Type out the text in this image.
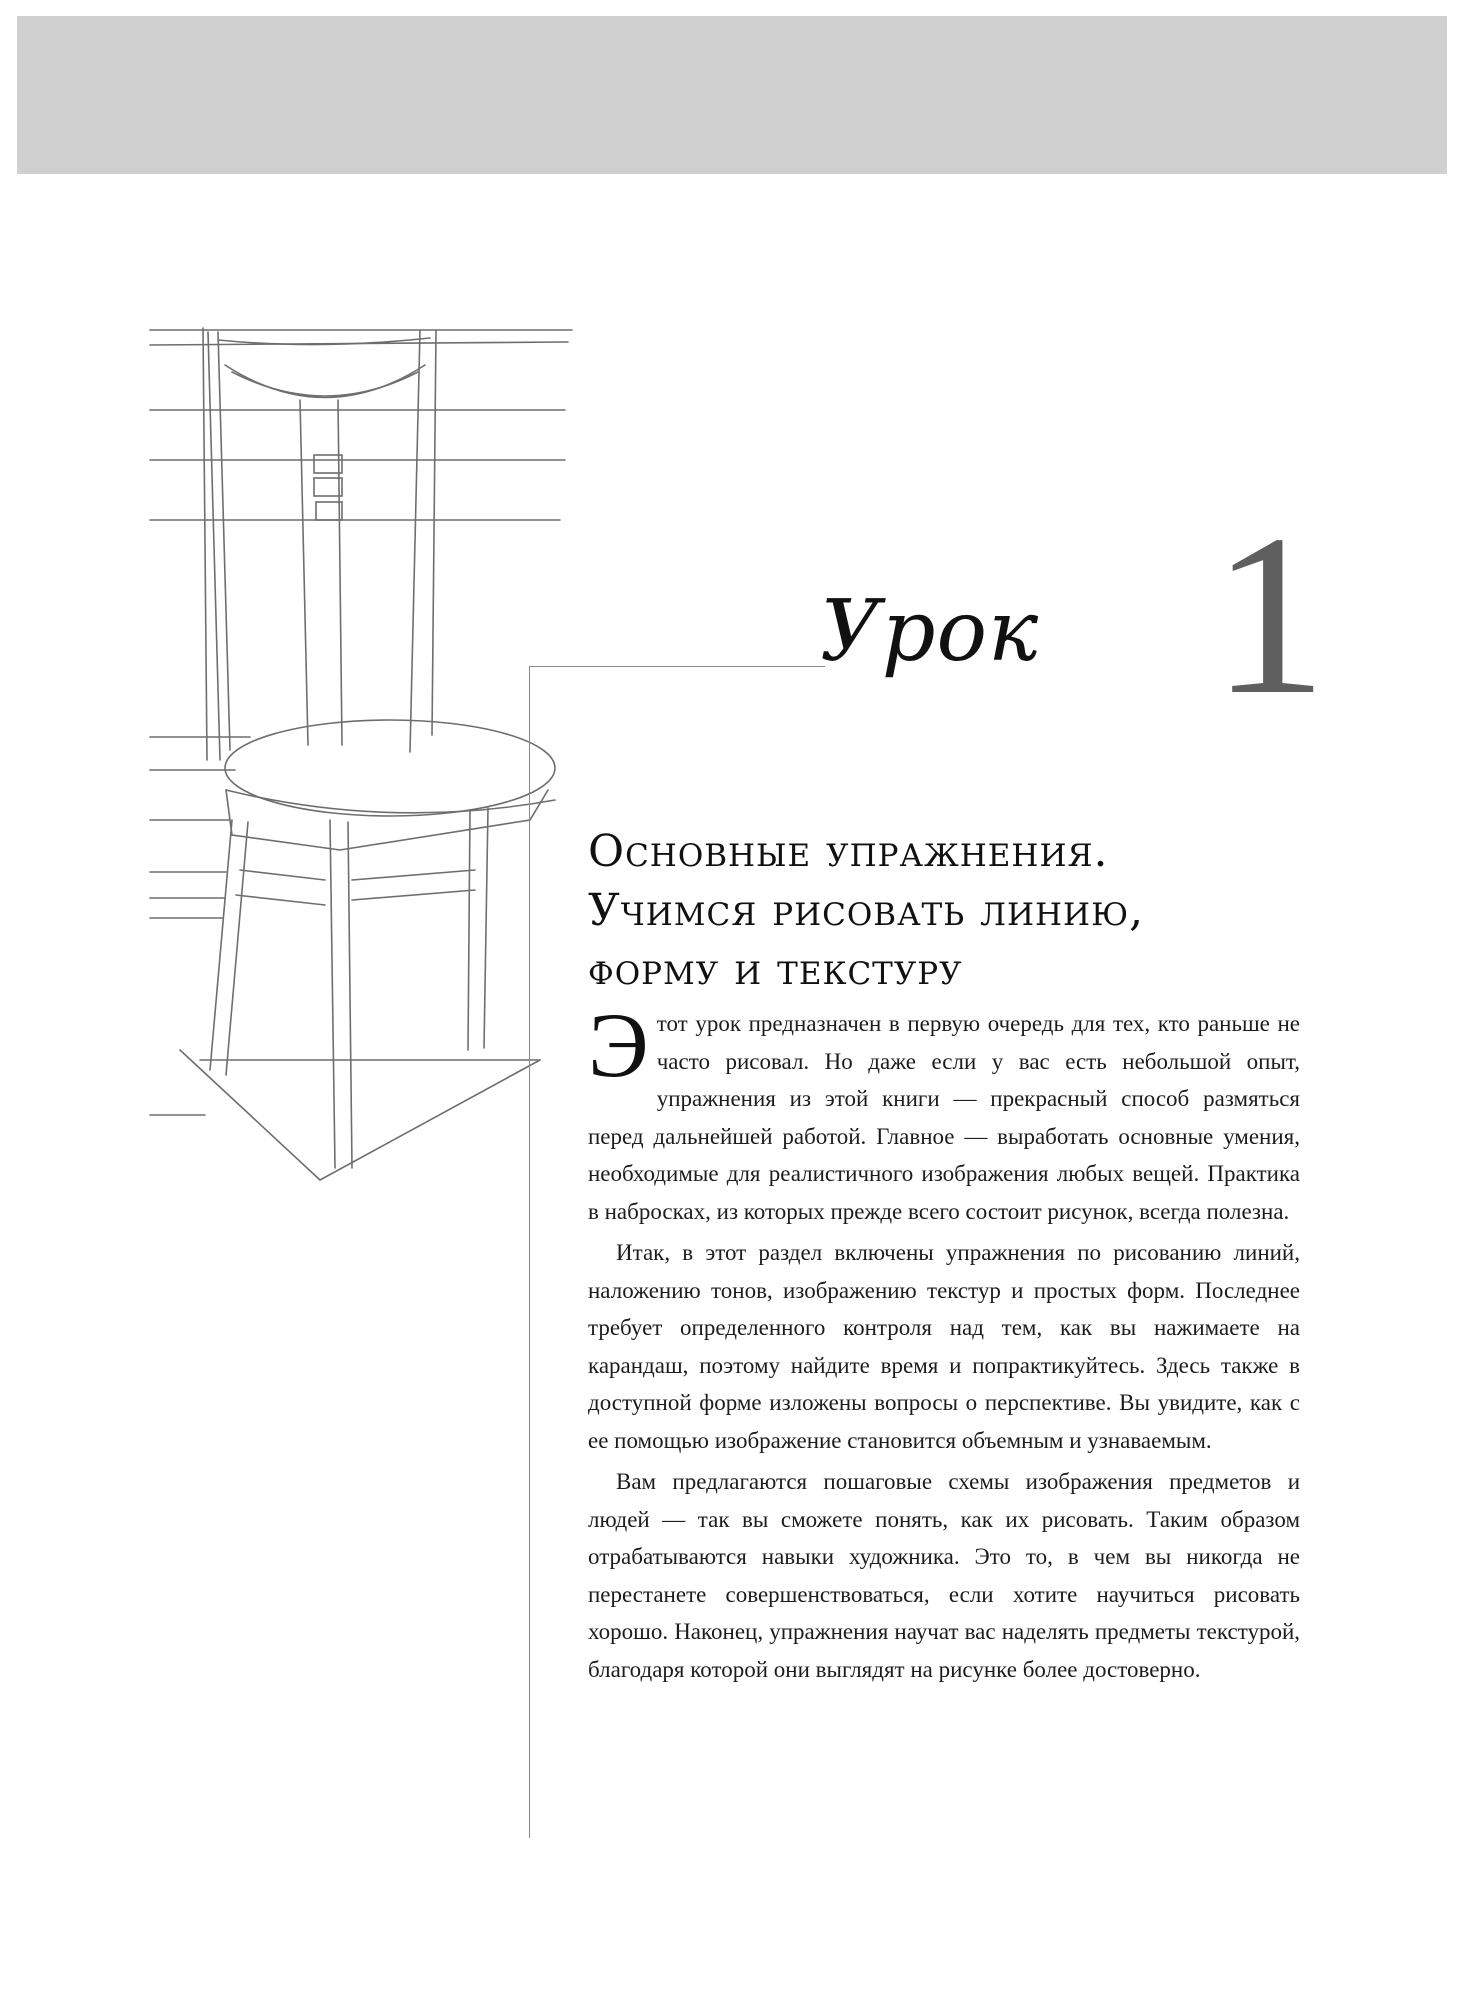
Урок 1
Основные упражнения.
Учимся рисовать линию,
форму и текстуру

Этот урок предназначен в первую очередь для тех, кто раньше не часто рисовал. Но даже если у вас есть небольшой опыт, упражнения из этой книги — прекрасный способ размяться перед дальнейшей работой. Главное — выработать основные умения, необходимые для реалистичного изображения любых вещей. Практика в набросках, из которых прежде всего состоит рисунок, всегда полезна.

Итак, в этот раздел включены упражнения по рисованию линий, наложению тонов, изображению текстур и простых форм. Последнее требует определенного контроля над тем, как вы нажимаете на карандаш, поэтому найдите время и попрактикуйтесь. Здесь также в доступной форме изложены вопросы о перспективе. Вы увидите, как с ее помощью изображение становится объемным и узнаваемым.

Вам предлагаются пошаговые схемы изображения предметов и людей — так вы сможете понять, как их рисовать. Таким образом отрабатываются навыки художника. Это то, в чем вы никогда не перестанете совершенствоваться, если хотите научиться рисовать хорошо. Наконец, упражнения научат вас наделять предметы текстурой, благодаря которой они выглядят на рисунке более достоверно.
